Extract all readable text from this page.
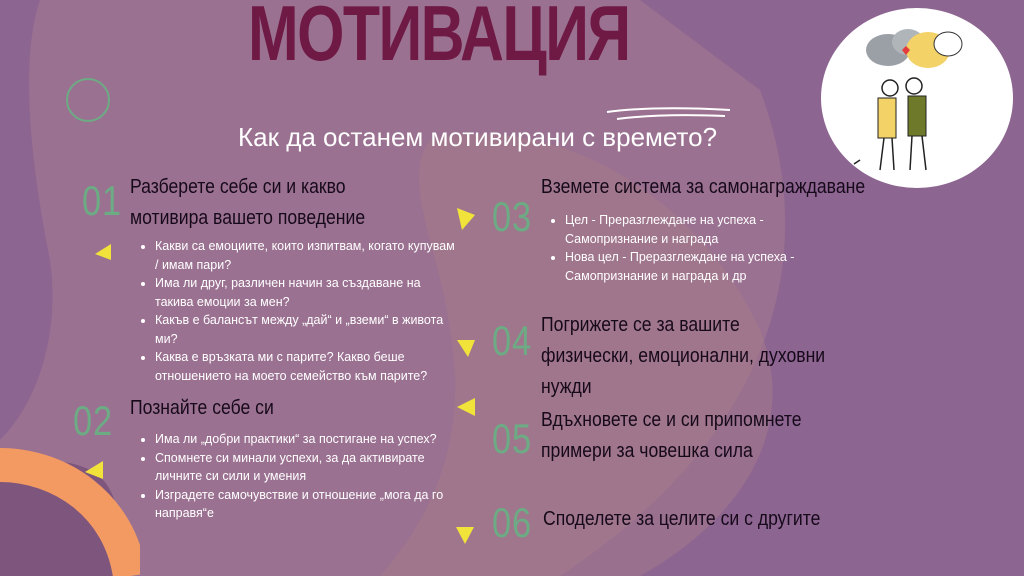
МОТИВАЦИЯ
Как да останем мотивирани с времето?
01 Разберете себе си и какво мотивира вашето поведение
• Какви са емоциите, които изпитвам, когато купувам / имам пари?
• Има ли друг, различен начин за създаване на такива емоции за мен?
• Какъв е балансът между „дай“ и „вземи“ в живота ми?
• Каква е връзката ми с парите? Какво беше отношението на моето семейство към парите?
02 Познайте себе си
• Има ли „добри практики“ за постигане на успех?
• Спомнете си минали успехи, за да активирате личните си сили и умения
• Изградете самочувствие и отношение „мога да го направя“е
03
Вземете система за самонаграждаване
• Цел - Преразглеждане на успеха - Самопризнание и награда
• Нова цел - Преразглеждане на успеха - Самопризнание и награда и др
04 Погрижете се за вашите физически, емоционални, духовни нужди
05 Вдъхновете се и си припомнете примери за човешка сила
06 Споделете за целите си с другите
